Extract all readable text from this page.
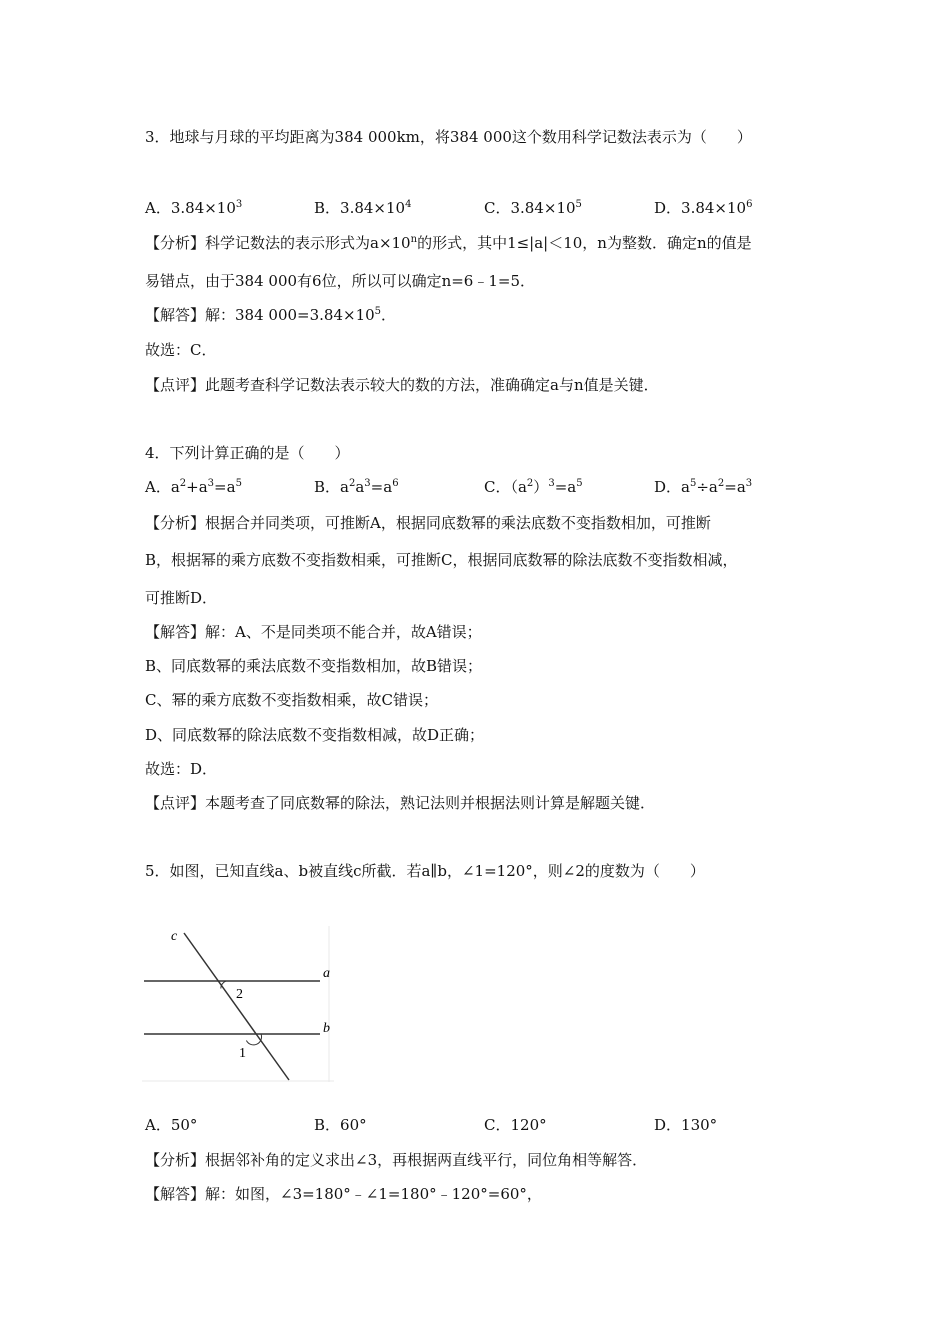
3．地球与月球的平均距离为384 000km，将384 000这个数用科学记数法表示为（　　）
A．$3.84\times 10^3$	B．$3.84\times 10^4$	C．$3.84\times 10^5$	D．$3.84\times 10^6$
【分析】科学记数法的表示形式为$a\times 10^n$的形式，其中1≤|a|＜10，n为整数．确定n的值是
易错点，由于384 000有6位，所以可以确定n=6﹣1=5．
【解答】解：384 $000=3.84\times 10^5$．
故选：C．
【点评】此题考查科学记数法表示较大的数的方法，准确确定a与n值是关键．
4．下列计算正确的是（　　）
A．$a^2+a^3=a^5$	B．$a^2a^3=a^6$	C．$(a^2)^3=a^5$	D．$a^5\div a^2=a^3$
【分析】根据合并同类项，可推断A，根据同底数幂的乘法底数不变指数相加，可推断
B，根据幂的乘方底数不变指数相乘，可推断C，根据同底数幂的除法底数不变指数相减，
可推断D．
【解答】解：A、不是同类项不能合并，故A错误；
B、同底数幂的乘法底数不变指数相加，故B错误；
C、幂的乘方底数不变指数相乘，故C错误；
D、同底数幂的除法底数不变指数相减，故D正确；
故选：D．
【点评】本题考查了同底数幂的除法，熟记法则并根据法则计算是解题关键．
5．如图，已知直线a、b被直线c所截．若a∥b，∠1=120°，则∠2的度数为（　　）
c
a
b
2
1
A．50°	B．60°	C．120°	D．130°
【分析】根据邻补角的定义求出∠3，再根据两直线平行，同位角相等解答．
【解答】解：如图，∠3=180°﹣∠1=180°﹣120°=60°，
